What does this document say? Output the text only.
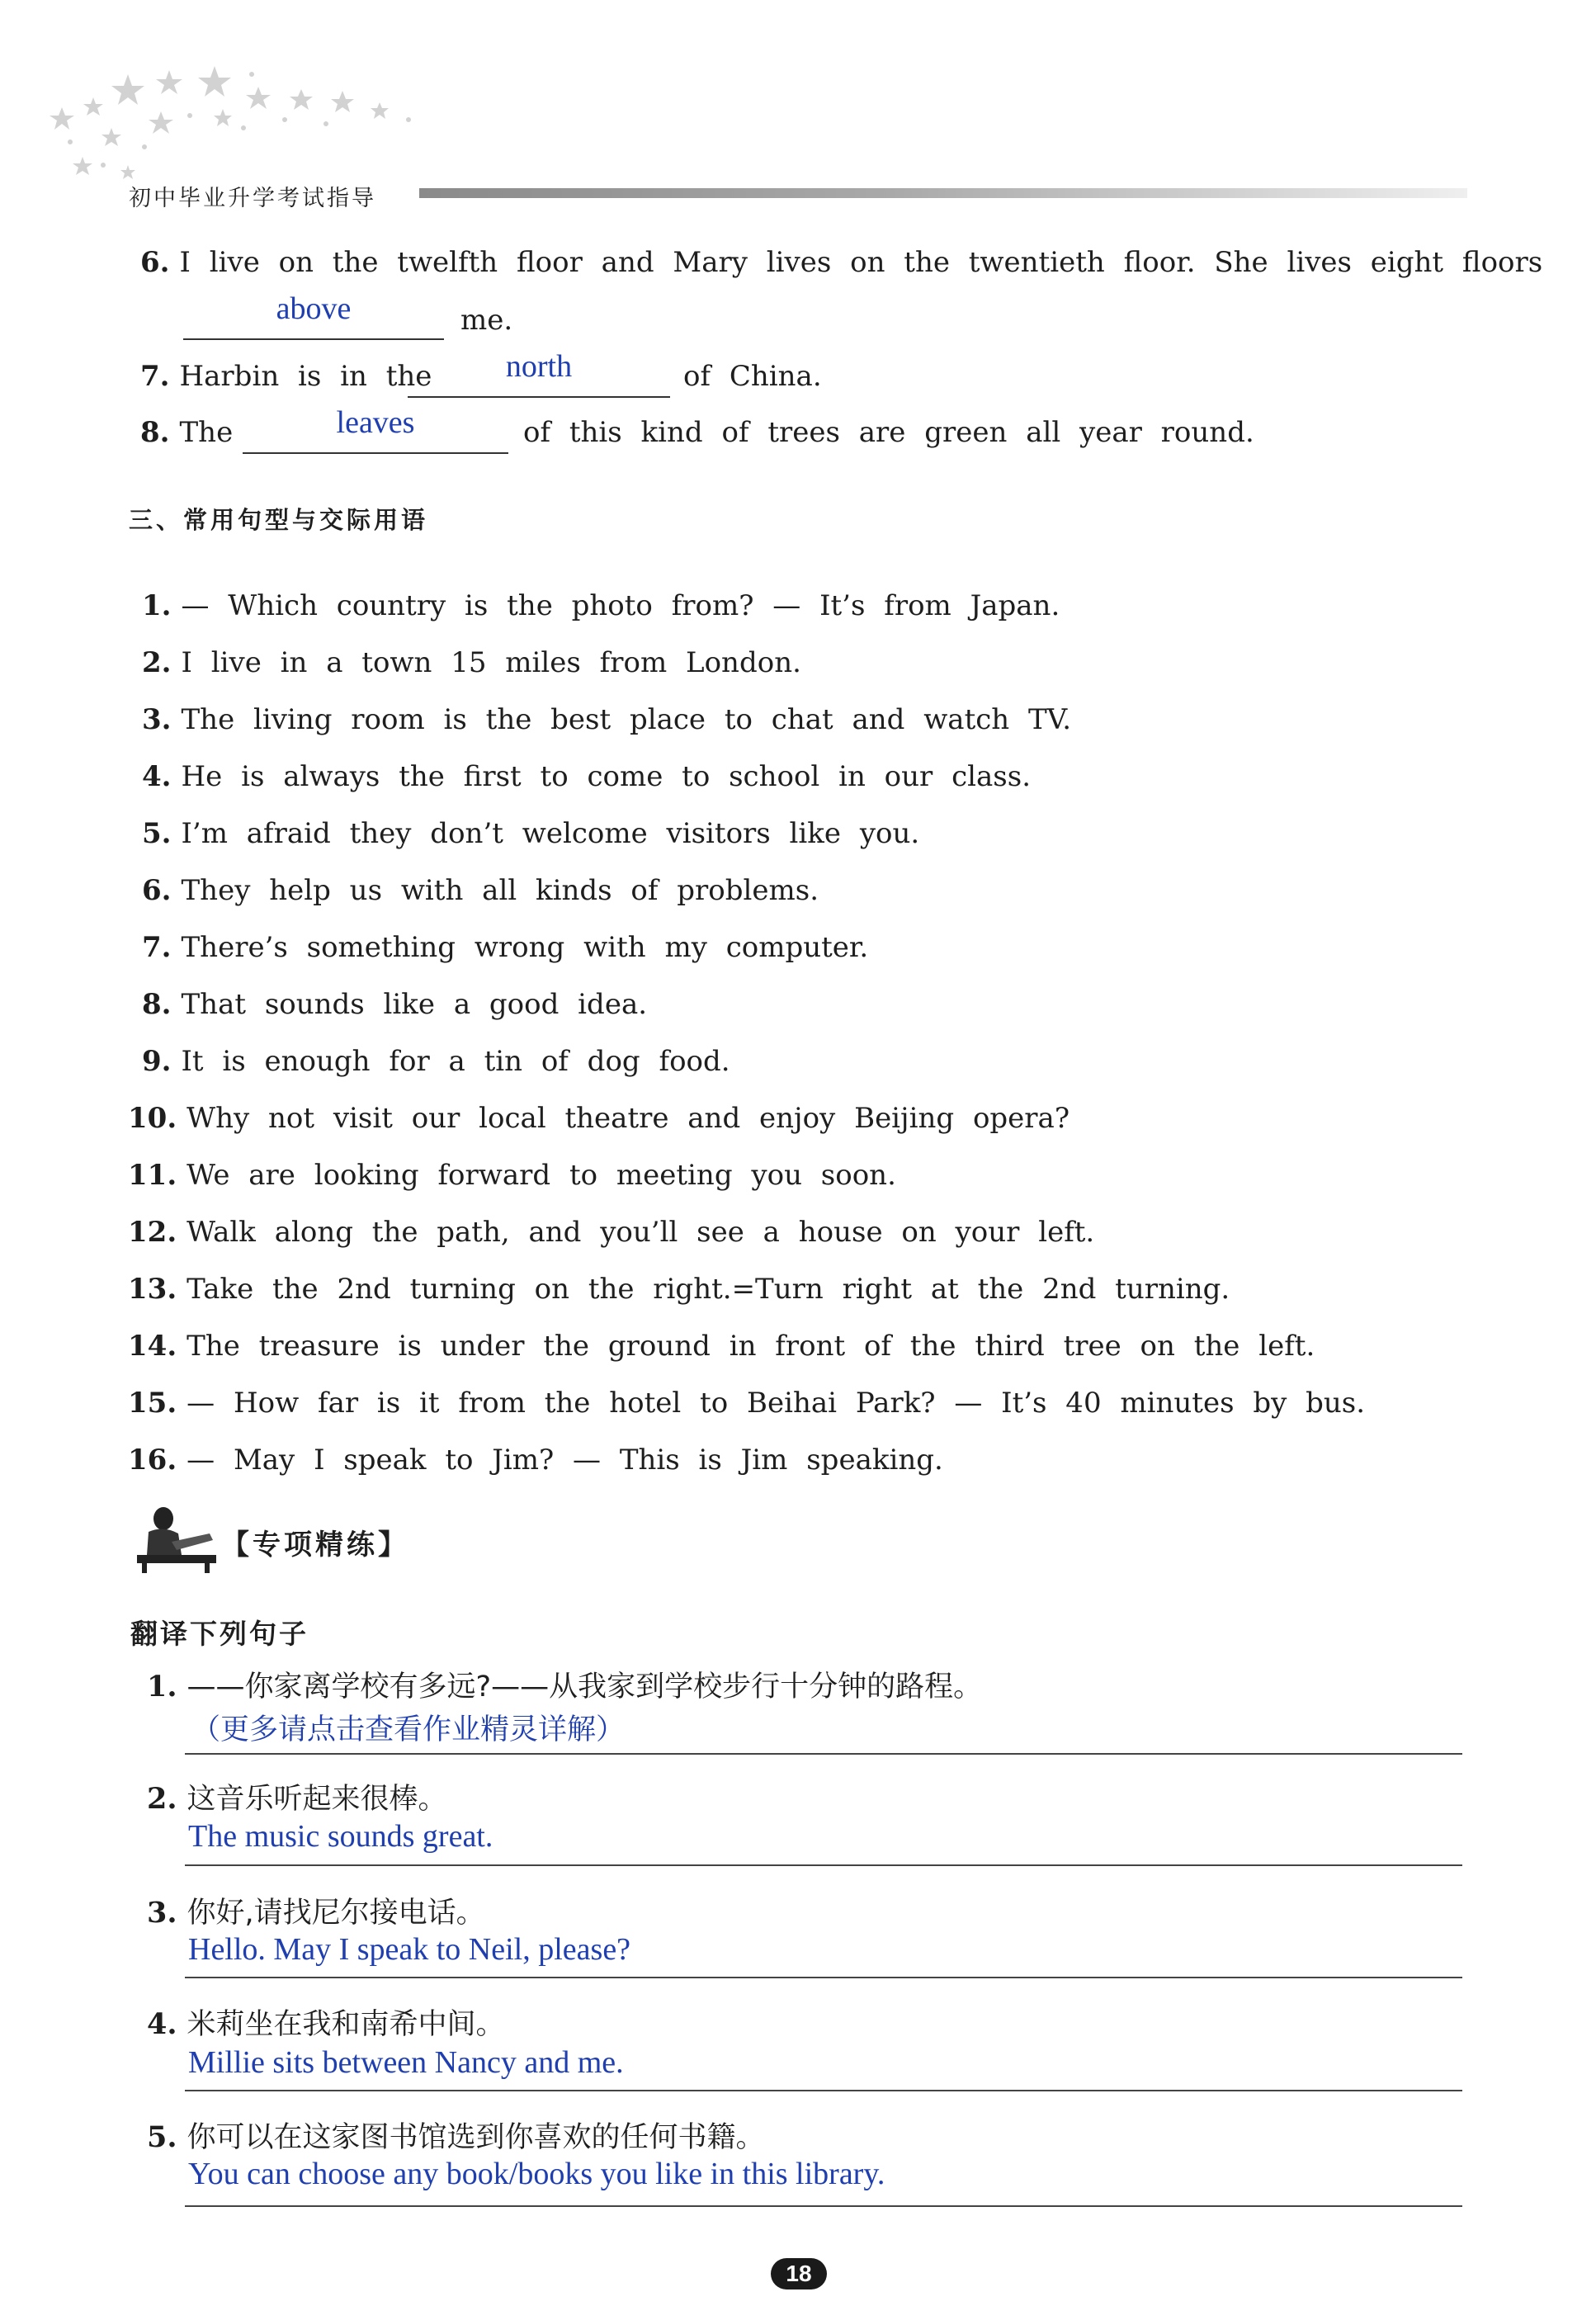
初中毕业升学考试指导
6. I live on the twelfth floor and Mary lives on the twentieth floor. She lives eight floors
above	me.
7. Harbin is in the	north	of China.
8. The	leaves	of this kind of trees are green all year round.
三、常用句型与交际用语
1. — Which country is the photo from? — It’s from Japan.
2. I live in a town 15 miles from London.
3. The living room is the best place to chat and watch TV.
4. He is always the first to come to school in our class.
5. I’m afraid they don’t welcome visitors like you.
6. They help us with all kinds of problems.
7. There’s something wrong with my computer.
8. That sounds like a good idea.
9. It is enough for a tin of dog food.
10. Why not visit our local theatre and enjoy Beijing opera?
11. We are looking forward to meeting you soon.
12. Walk along the path, and you’ll see a house on your left.
13. Take the 2nd turning on the right.=Turn right at the 2nd turning.
14. The treasure is under the ground in front of the third tree on the left.
15. — How far is it from the hotel to Beihai Park? — It’s 40 minutes by bus.
16. — May I speak to Jim? — This is Jim speaking.
【专项精练】
翻译下列句子
1. ——你家离学校有多远?——从我家到学校步行十分钟的路程。
（更多请点击查看作业精灵详解）
2. 这音乐听起来很棒。
The music sounds great.
3. 你好,请找尼尔接电话。
Hello. May I speak to Neil, please?
4. 米莉坐在我和南希中间。
Millie sits between Nancy and me.
5. 你可以在这家图书馆选到你喜欢的任何书籍。
You can choose any book/books you like in this library.
18
